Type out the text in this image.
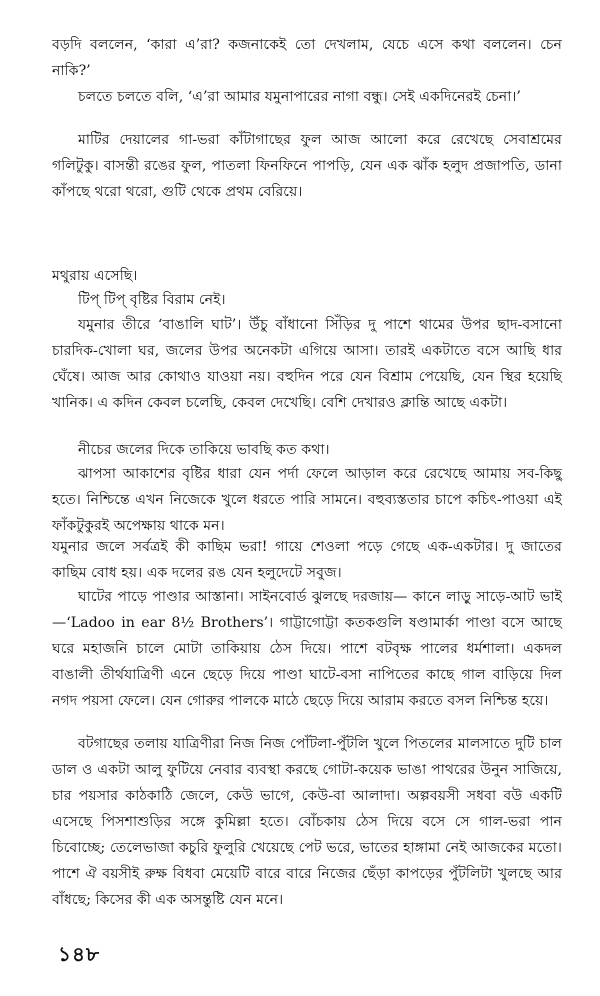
বড়দি বললেন, ‘কারা এ’রা? কজনাকেই তো দেখলাম, যেচে এসে কথা বললেন। চেন নাকি?’

চলতে চলতে বলি, ‘এ’রা আমার যমুনাপারের নাগা বন্ধু। সেই একদিনেরই চেনা।’

মাটির দেয়ালের গা-ভরা কাঁটাগাছের ফুল আজ আলো করে রেখেছে সেবাশ্রমের গলিটুকু। বাসন্তী রঙের ফুল, পাতলা ফিনফিনে পাপড়ি, যেন এক ঝাঁক হলুদ প্রজাপতি, ডানা কাঁপছে থরো থরো, গুটি থেকে প্রথম বেরিয়ে।

মথুরায় এসেছি।

টিপ্ টিপ্ বৃষ্টির বিরাম নেই।

যমুনার তীরে ‘বাঙালি ঘাট’। উঁচু বাঁধানো সিঁড়ির দু পাশে থামের উপর ছাদ-বসানো চারদিক-খোলা ঘর, জলের উপর অনেকটা এগিয়ে আসা। তারই একটাতে বসে আছি ধার ঘেঁষে। আজ আর কোথাও যাওয়া নয়। বহুদিন পরে যেন বিশ্রাম পেয়েছি, যেন স্থির হয়েছি খানিক। এ কদিন কেবল চলেছি, কেবল দেখেছি। বেশি দেখারও ক্লান্তি আছে একটা।

নীচের জলের দিকে তাকিয়ে ভাবছি কত কথা।

ঝাপসা আকাশের বৃষ্টির ধারা যেন পর্দা ফেলে আড়াল করে রেখেছে আমায় সব-কিছু হতে। নিশ্চিন্তে এখন নিজেকে খুলে ধরতে পারি সামনে। বহুব্যস্ততার চাপে কচিৎ-পাওয়া এই ফাঁকটুকুরই অপেক্ষায় থাকে মন।

যমুনার জলে সর্বত্রই কী কাছিম ভরা! গায়ে শেওলা পড়ে গেছে এক-একটার। দু জাতের কাছিম বোধ হয়। এক দলের রঙ যেন হলুদেটে সবুজ।

ঘাটের পাড়ে পাণ্ডার আস্তানা। সাইনবোর্ড ঝুলছে দরজায়— কানে লাড়ু সাড়ে-আট ভাই—‘Ladoo in ear 8½ Brothers’। গাট্টাগোট্টা কতকগুলি ষণ্ডামার্কা পাণ্ডা বসে আছে ঘরে মহাজনি চালে মোটা তাকিয়ায় ঠেস দিয়ে। পাশে বটবৃক্ষ পালের ধর্মশালা। একদল বাঙালী তীর্থযাত্রিণী এনে ছেড়ে দিয়ে পাণ্ডা ঘাটে-বসা নাপিতের কাছে গাল বাড়িয়ে দিল নগদ পয়সা ফেলে। যেন গোরুর পালকে মাঠে ছেড়ে দিয়ে আরাম করতে বসল নিশ্চিন্ত হয়ে।

বটগাছের তলায় যাত্রিণীরা নিজ নিজ পোঁটলা-পুঁটলি খুলে পিতলের মালসাতে দুটি চাল ডাল ও একটা আলু ফুটিয়ে নেবার ব্যবস্থা করছে গোটা-কয়েক ভাঙা পাথরের উনুন সাজিয়ে, চার পয়সার কাঠকাঠি জেলে, কেউ ভাগে, কেউ-বা আলাদা। অল্পবয়সী সধবা বউ একটি এসেছে পিসশাশুড়ির সঙ্গে কুমিল্লা হতে। বোঁচকায় ঠেস দিয়ে বসে সে গাল-ভরা পান চিবোচ্ছে; তেলেভাজা কচুরি ফুলুরি খেয়েছে পেট ভরে, ভাতের হাঙ্গামা নেই আজকের মতো। পাশে ঐ বয়সীই রুক্ষ বিধবা মেয়েটি বারে বারে নিজের ছেঁড়া কাপড়ের পুঁটলিটা খুলছে আর বাঁধছে; কিসের কী এক অসন্তুষ্টি যেন মনে।

১৪৮
